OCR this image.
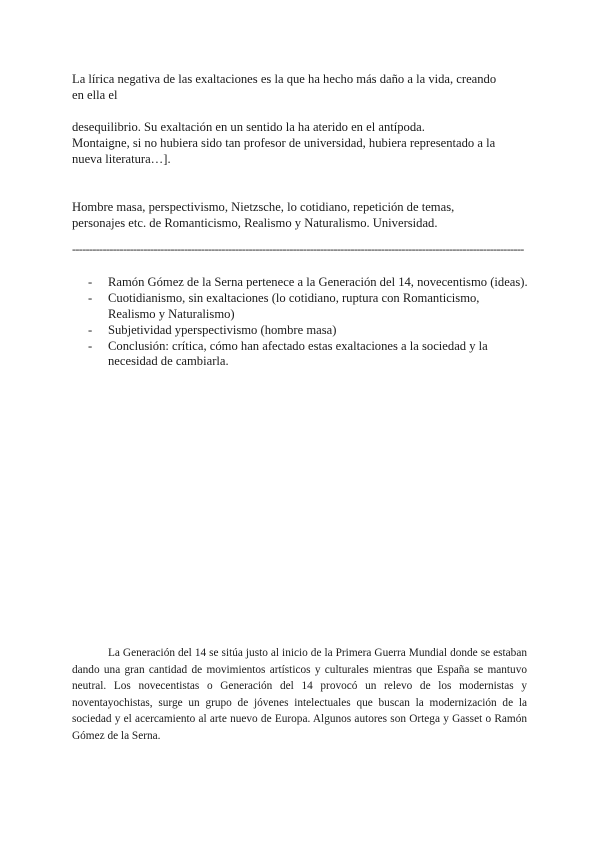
La lírica negativa de las exaltaciones es la que ha hecho más daño a la vida, creando

en ella el

desequilibrio. Su exaltación en un sentido la ha aterido en el antípoda.

Montaigne, si no hubiera sido tan profesor de universidad, hubiera representado a la

nueva literatura…].

Hombre masa, perspectivismo, Nietzsche, lo cotidiano, repetición de temas,

personajes etc. de Romanticismo, Realismo y Naturalismo. Universidad.

-------------------------------------------------------------------------------------------------------------------------------------
- Ramón Gómez de la Serna pertenece a la Generación del 14, novecentismo (ideas).
- Cuotidianismo, sin exaltaciones (lo cotidiano, ruptura con Romanticismo, Realismo y Naturalismo)
- Subjetividad yperspectivismo (hombre masa)
- Conclusión: crítica, cómo han afectado estas exaltaciones a la sociedad y la necesidad de cambiarla.

La Generación del 14 se sitúa justo al inicio de la Primera Guerra Mundial donde se estaban dando una gran cantidad de movimientos artísticos y culturales mientras que España se mantuvo neutral. Los novecentistas o Generación del 14 provocó un relevo de los modernistas y noventayochistas, surge un grupo de jóvenes intelectuales que buscan la modernización de la sociedad y el acercamiento al arte nuevo de Europa. Algunos autores son Ortega y Gasset o Ramón Gómez de la Serna.
